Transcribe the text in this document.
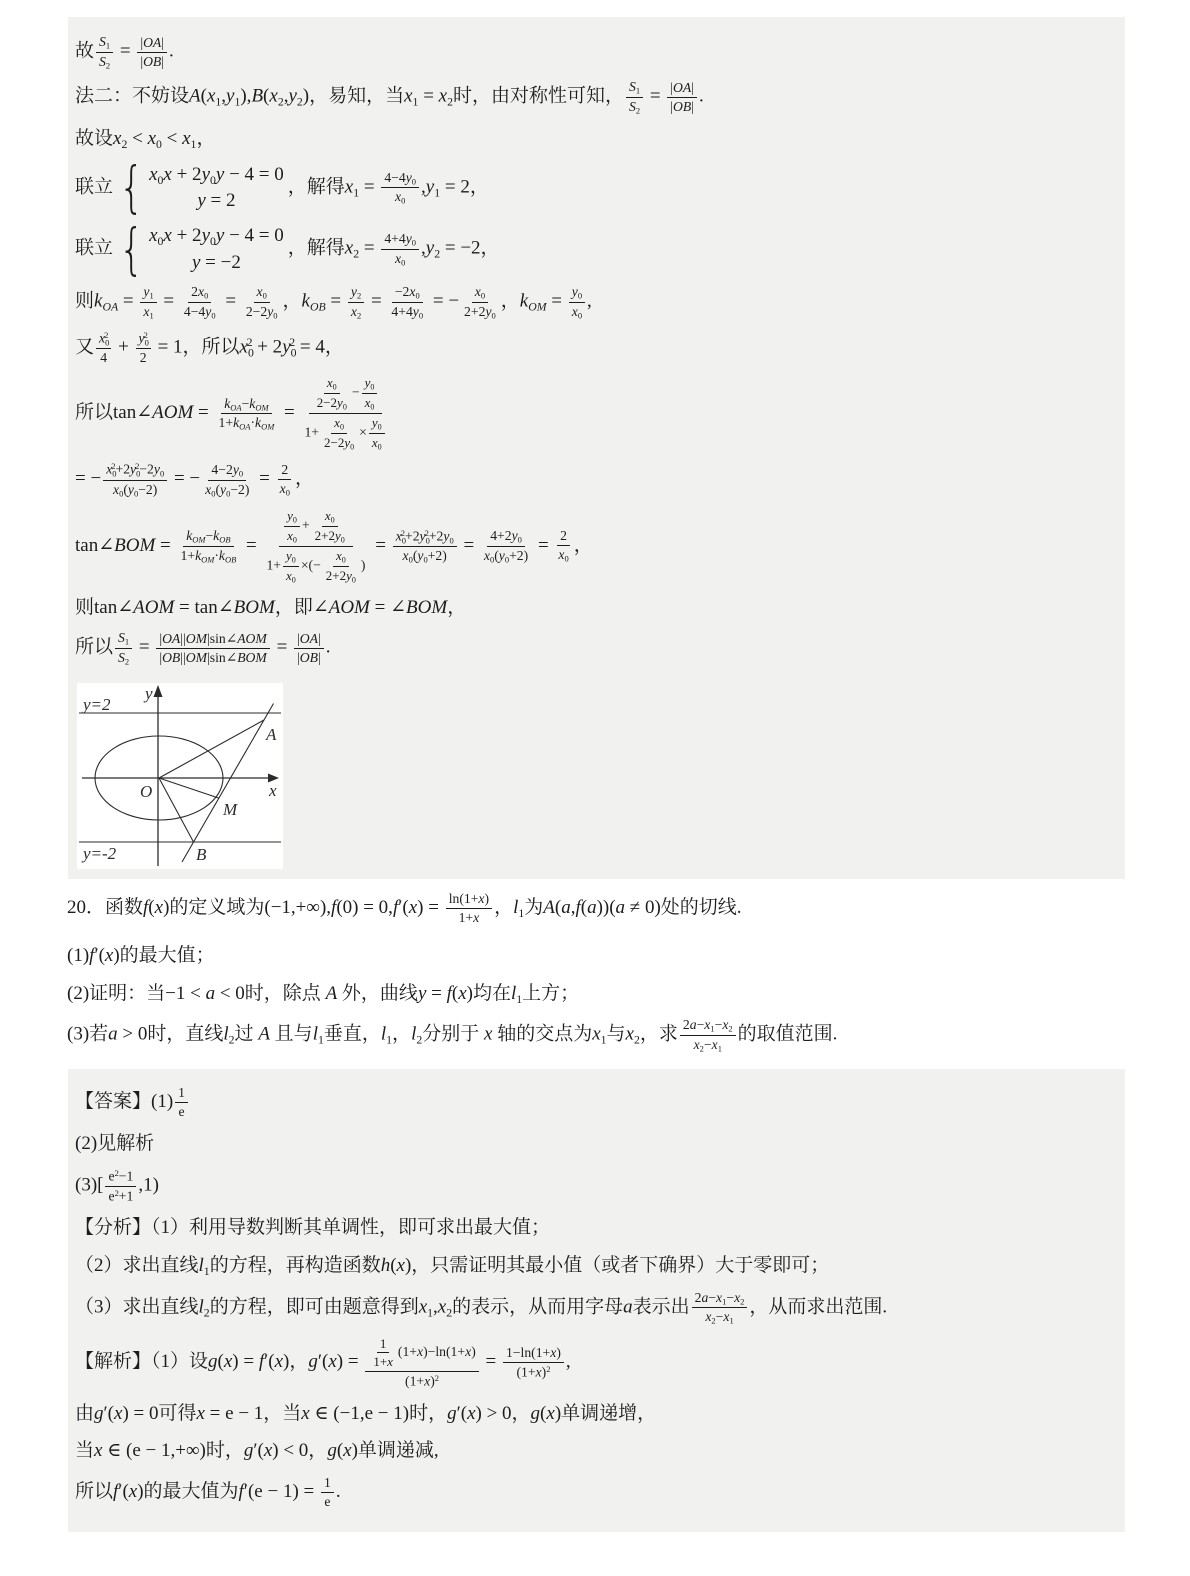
故 $\frac{S_1}{S_2} = \frac{|OA|}{|OB|}$ .

法二：不妨设$A(x_1,y_1),B(x_2,y_2)$，易知，当$x_1 = x_2$时，由对称性可知， $\frac{S_1}{S_2} = \frac{|OA|}{|OB|}$ .

故设$x_2 < x_0 < x_1$，

联立 { $x_0x + 2y_0y - 4 = 0$
y = 2
，解得$x_1 = \frac{4-4y_0}{x_0} ,y_1 = 2$，

联立 { $x_0x + 2y_0y - 4 = 0$
y = −2
，解得$x_2 = \frac{4+4y_0}{x_0} ,y_2 = -2$，

则$k_{OA} = \frac{y_1}{x_1} = \frac{2x_0}{4-4y_0} = \frac{x_0}{2-2y_0}$ ，$k_{OB} = \frac{y_2}{x_2} = \frac{-2x_0}{4+4y_0}$ = − $\frac{x_0}{2+2y_0}$ ，$k_{OM} = \frac{y_0}{x_0}$ ,

又 $\frac{x_0^2}{4} + \frac{y_0^2}{2} = 1$，所以$x_0^2 + 2y_0^2 = 4$，

所以tan∠AOM = $\frac{k_{OA}-k_{OM}}{1+k_{OA}\cdot k_{OM}} = \frac{\frac{x_0}{2-2y_0} - \frac{y_0}{x_0}}{1+ \frac{x_0}{2-2y_0} \times \frac{y_0}{x_0}}$

= − $\frac{x_0^2+2y_0^2-2y_0}{x_0(y_0-2)}$ = − $\frac{4-2y_0}{x_0(y_0-2)} = \frac{2}{x_0}$ ，

tan∠BOM = $\frac{k_{OM}-k_{OB}}{1+k_{OM}\cdot k_{OB}} = \frac{\frac{y_0}{x_0} + \frac{x_0}{2+2y_0}}{1+ \frac{y_0}{x_0} \times(- \frac{x_0}{2+2y_0} )} = \frac{x_0^2+2y_0^2+2y_0}{x_0(y_0+2)} = \frac{4+2y_0}{x_0(y_0+2)} = \frac{2}{x_0}$ ，

则tan∠AOM = tan∠BOM，即∠AOM = ∠BOM，

所以 $\frac{S_1}{S_2} = \frac{\text{|OA||OM|sin∠AOM}}{\text{|OB||OM|sin∠BOM}} = \frac{|OA|}{|OB|}$ .

y
x
O
A
M
B
y=2
y=-2

20．函数f(x)的定义域为$(-1,+\infty),f(0) = 0,f'(x) = \frac{\ln(1+x)}{1+x}$ ，$l_1$为A(a,f(a))(a ≠ 0)处的切线.

(1)f′(x)的最大值；

(2)证明：当−1 < a < 0时，除点 A 外，曲线y = f(x)均在$l_1$上方；

(3)若a > 0时，直线$l_2$过 A 且与$l_1$垂直，$l_1$，$l_2$分别于 x 轴的交点为$x_1$与$x_2$，求 $\frac{2a-x_1-x_2}{x_2-x_1}$ 的取值范围.

【答案】$(1) \frac{1}{e}$

(2)见解析

$(3)[ \frac{e^2-1}{e^2+1} ,1)$

【分析】（1）利用导数判断其单调性，即可求出最大值；

（2）求出直线$l_1$的方程，再构造函数h(x)，只需证明其最小值（或者下确界）大于零即可；

（3）求出直线$l_2$的方程，即可由题意得到$x_1,x_2$的表示，从而用字母a表示出 $\frac{2a-x_1-x_2}{x_2-x_1}$ ，从而求出范围.

【解析】（1）设g(x) = f′(x)，$g'(x) = \frac{\frac{1}{1+x} (1+x)-\ln(1+x)}{(1+x)^2} = \frac{1-\ln(1+x)}{(1+x)^2}$ ,

由g′(x) = 0可得x = e − 1，当x ∈ (−1,e − 1)时，g′(x) > 0，g(x)单调递增，

当x ∈ (e − 1,+∞)时，g′(x) < 0，g(x)单调递减,

所以f′(x)的最大值为$f'(e - 1) = \frac{1}{e}$ .
